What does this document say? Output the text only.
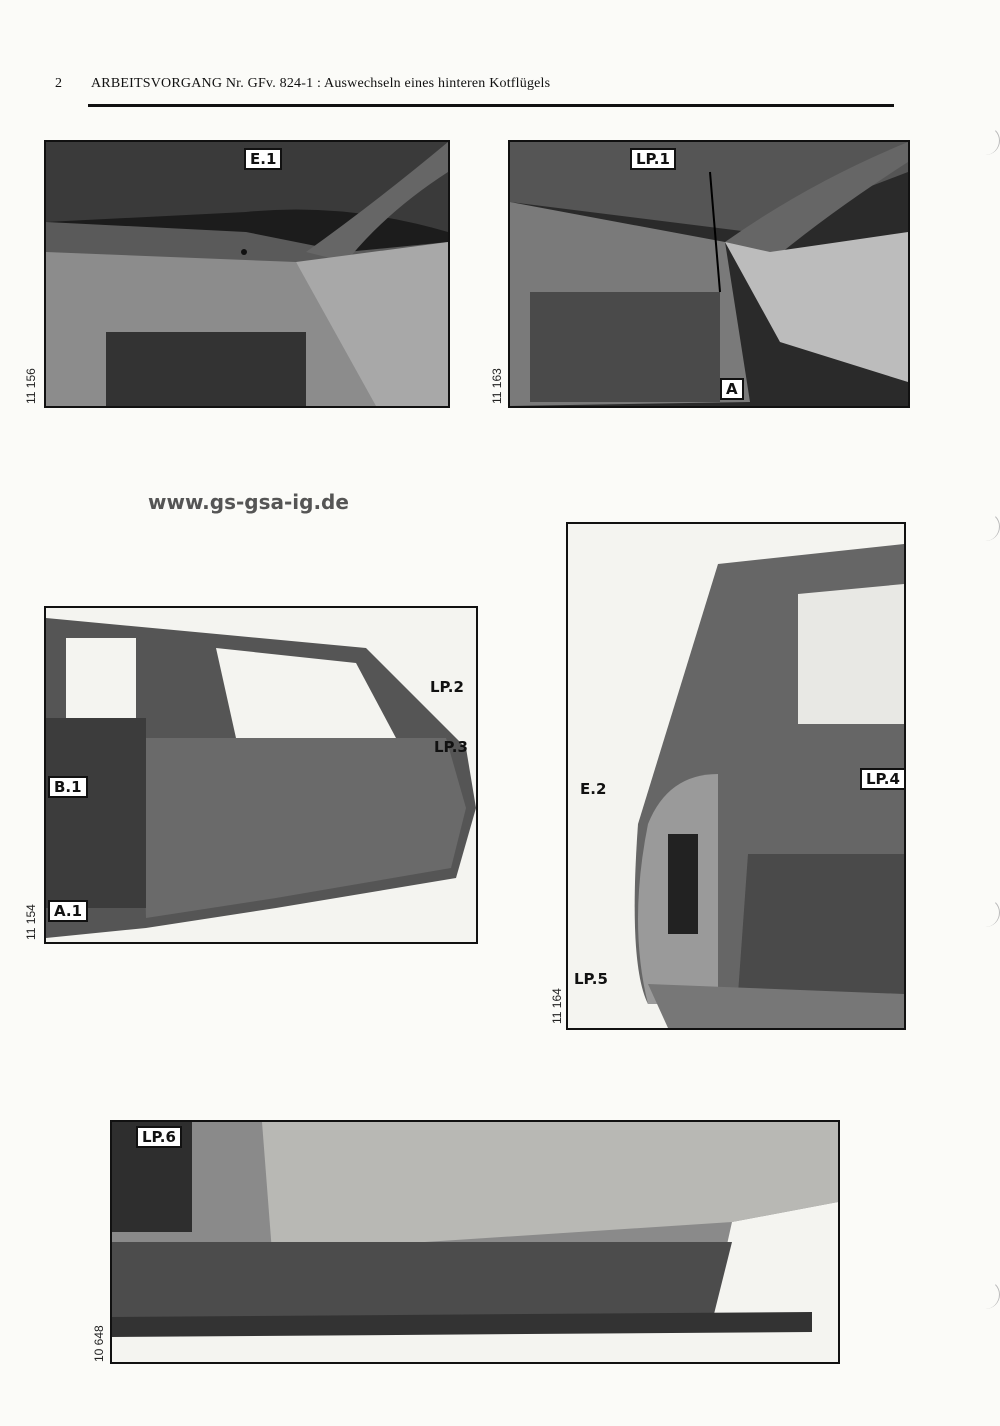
2 ARBEITSVORGANG Nr. GFv. 824-1 : Auswechseln eines hinteren Kotflügels
www.gs-gsa-ig.de
E.1
11 156
LP.1
A
11 163
LP.2
LP.3
B.1
A.1
11 154
E.2
LP.4
LP.5
11 164
LP.6
10 648
